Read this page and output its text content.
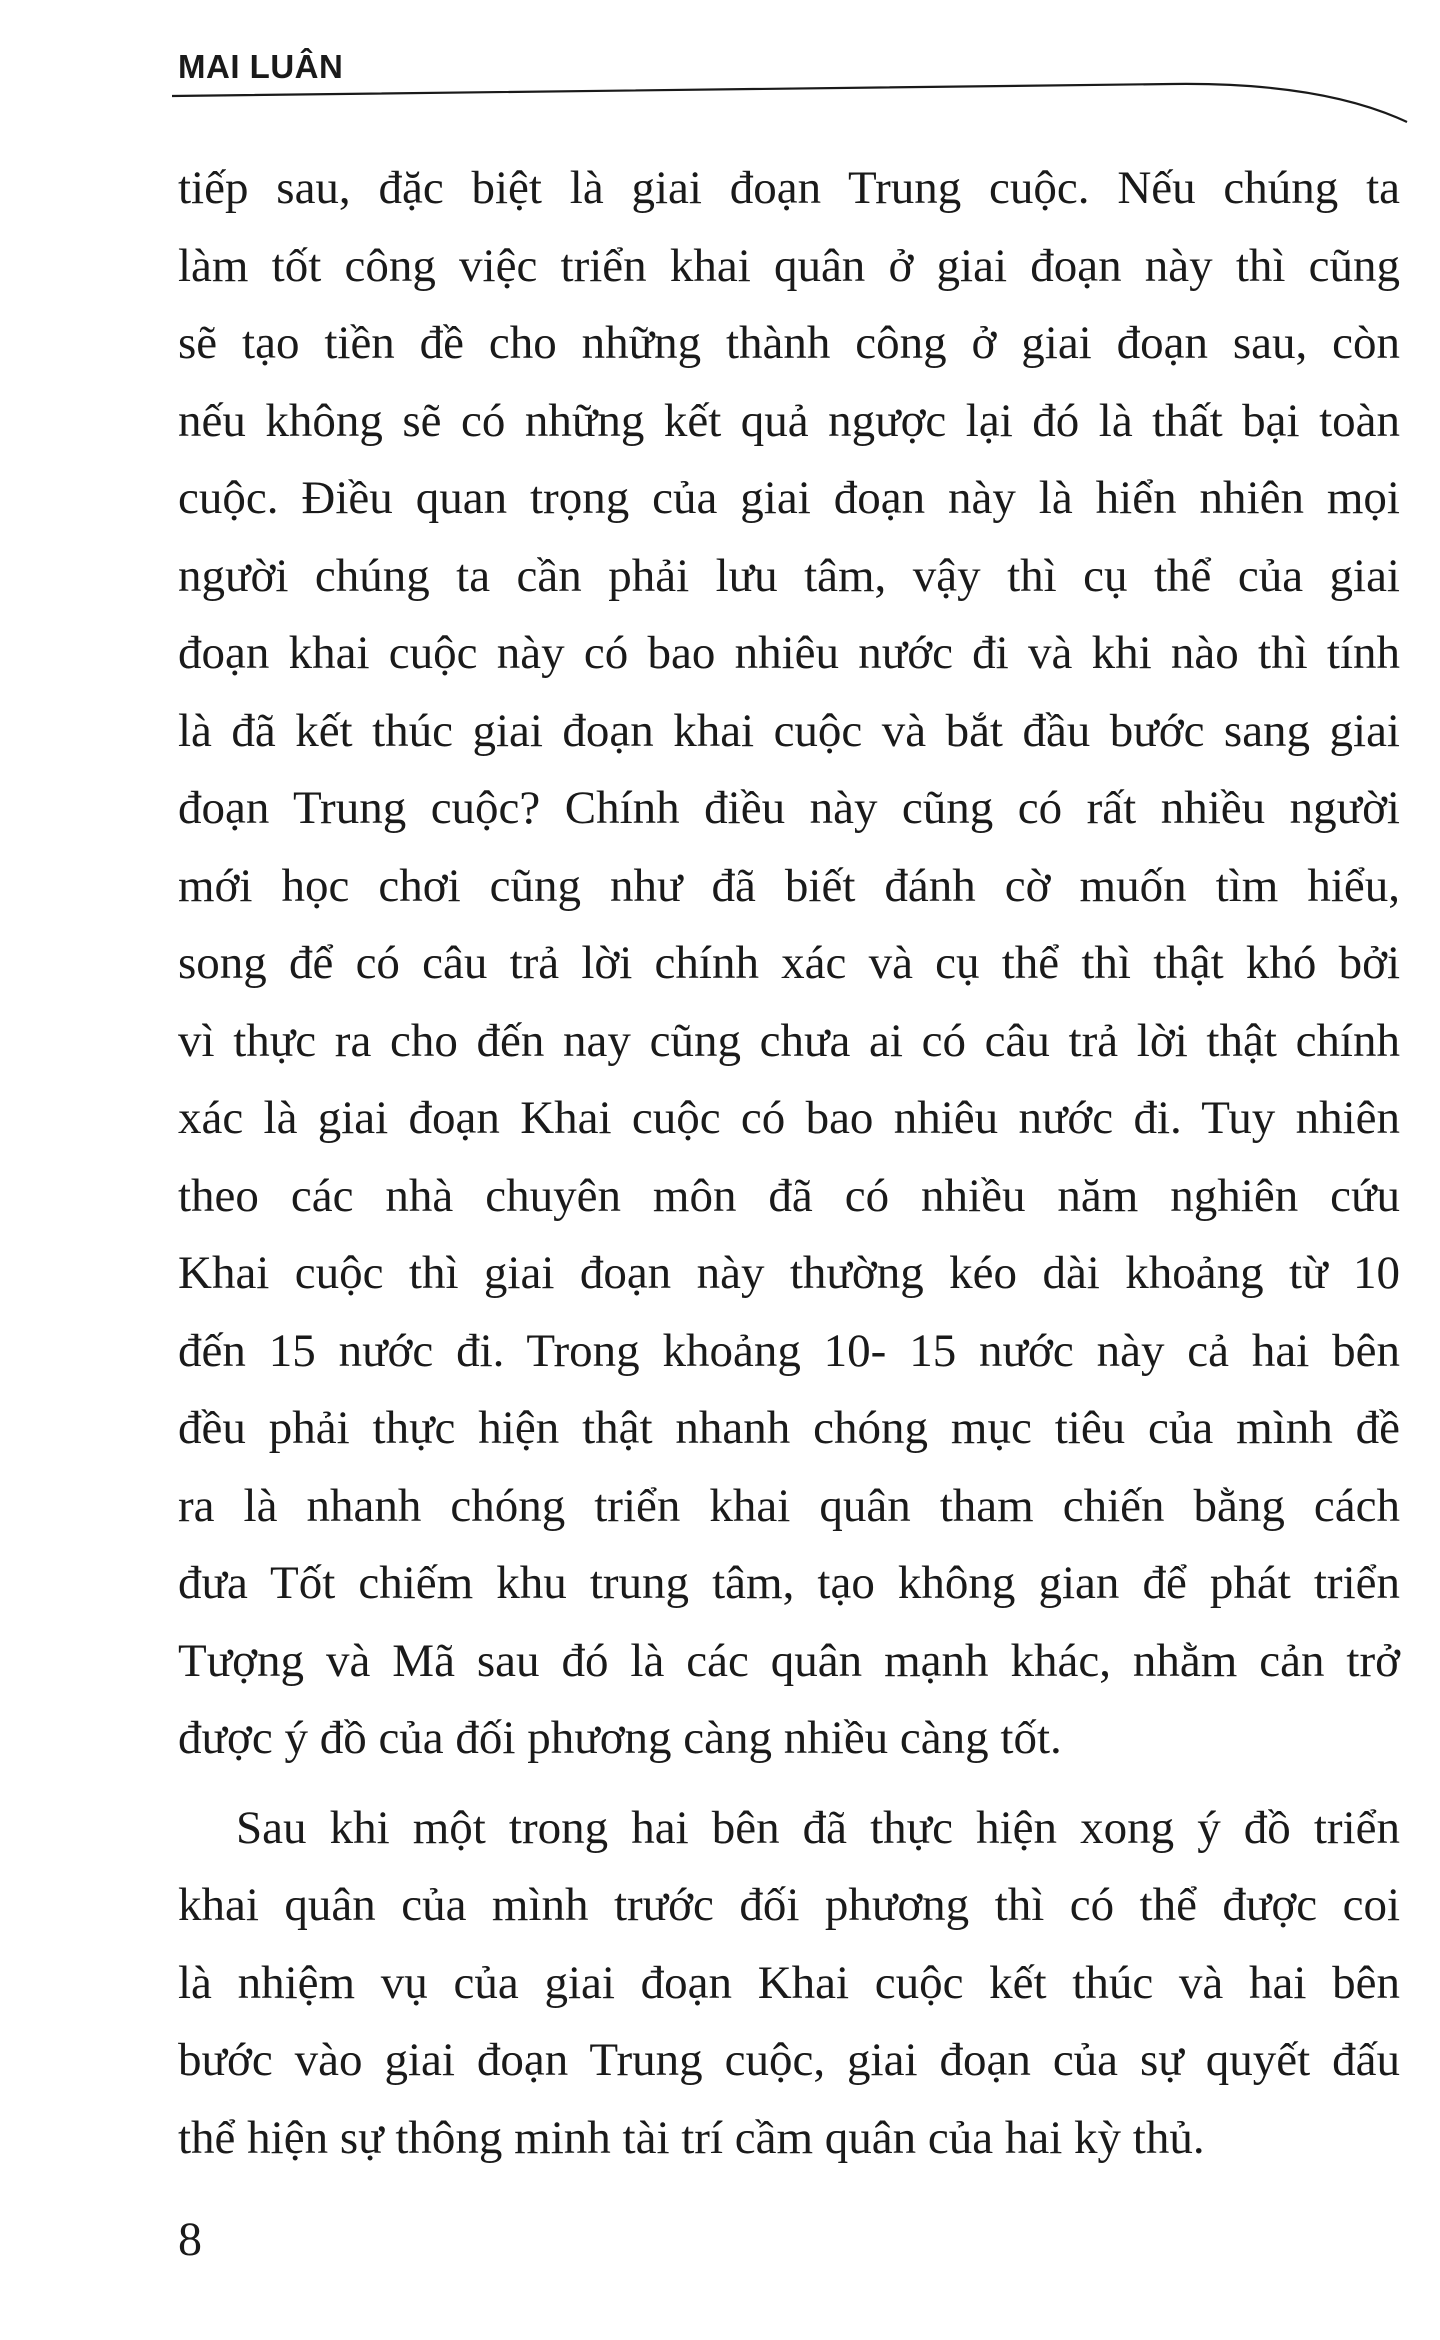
MAI LUÂN
tiếp sau, đặc biệt là giai đoạn Trung cuộc. Nếu chúng ta
làm tốt công việc triển khai quân ở giai đoạn này thì cũng
sẽ tạo tiền đề cho những thành công ở giai đoạn sau, còn
nếu không sẽ có những kết quả ngược lại đó là thất bại toàn
cuộc. Điều quan trọng của giai đoạn này là hiển nhiên mọi
người chúng ta cần phải lưu tâm, vậy thì cụ thể của giai
đoạn khai cuộc này có bao nhiêu nước đi và khi nào thì tính
là đã kết thúc giai đoạn khai cuộc và bắt đầu bước sang giai
đoạn Trung cuộc? Chính điều này cũng có rất nhiều người
mới học chơi cũng như đã biết đánh cờ muốn tìm hiểu,
song để có câu trả lời chính xác và cụ thể thì thật khó bởi
vì thực ra cho đến nay cũng chưa ai có câu trả lời thật chính
xác là giai đoạn Khai cuộc có bao nhiêu nước đi. Tuy nhiên
theo các nhà chuyên môn đã có nhiều năm nghiên cứu
Khai cuộc thì giai đoạn này thường kéo dài khoảng từ 10
đến 15 nước đi. Trong khoảng 10- 15 nước này cả hai bên
đều phải thực hiện thật nhanh chóng mục tiêu của mình đề
ra là nhanh chóng triển khai quân tham chiến bằng cách
đưa Tốt chiếm khu trung tâm, tạo không gian để phát triển
Tượng và Mã sau đó là các quân mạnh khác, nhằm cản trở
được ý đồ của đối phương càng nhiều càng tốt.
Sau khi một trong hai bên đã thực hiện xong ý đồ triển
khai quân của mình trước đối phương thì có thể được coi
là nhiệm vụ của giai đoạn Khai cuộc kết thúc và hai bên
bước vào giai đoạn Trung cuộc, giai đoạn của sự quyết đấu
thể hiện sự thông minh tài trí cầm quân của hai kỳ thủ.
8
